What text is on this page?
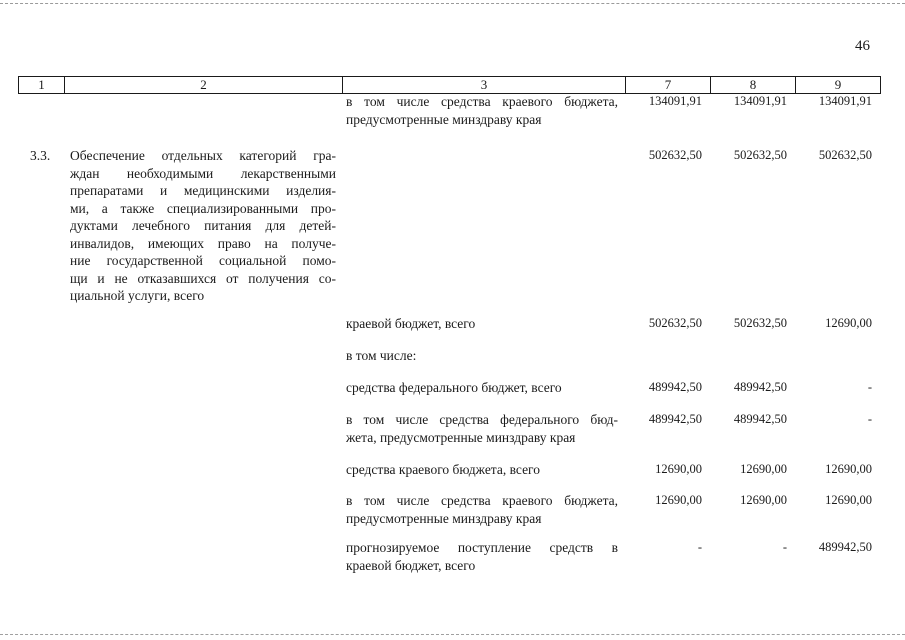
46
1	2	3	7	8	9
в том числе средства краевого бюджета,
предусмотренные минздраву края
134091,91	134091,91	134091,91
3.3.	Обеспечение отдельных категорий гра-
ждан необходимыми лекарственными
препаратами и медицинскими изделия-
ми, а также специализированными про-
дуктами лечебного питания для детей-
инвалидов, имеющих право на получе-
ние государственной социальной помо-
щи и не отказавшихся от получения со-
циальной услуги, всего
502632,50	502632,50	502632,50
краевой бюджет, всего	502632,50	502632,50	12690,00
в том числе:
средства федерального бюджет, всего	489942,50	489942,50	-
в том числе средства федерального бюд-
жета, предусмотренные минздраву края
489942,50	489942,50	-
средства краевого бюджета, всего	12690,00	12690,00	12690,00
в том числе средства краевого бюджета,
предусмотренные минздраву края
12690,00	12690,00	12690,00
прогнозируемое поступление средств в
краевой бюджет, всего
-	-	489942,50
